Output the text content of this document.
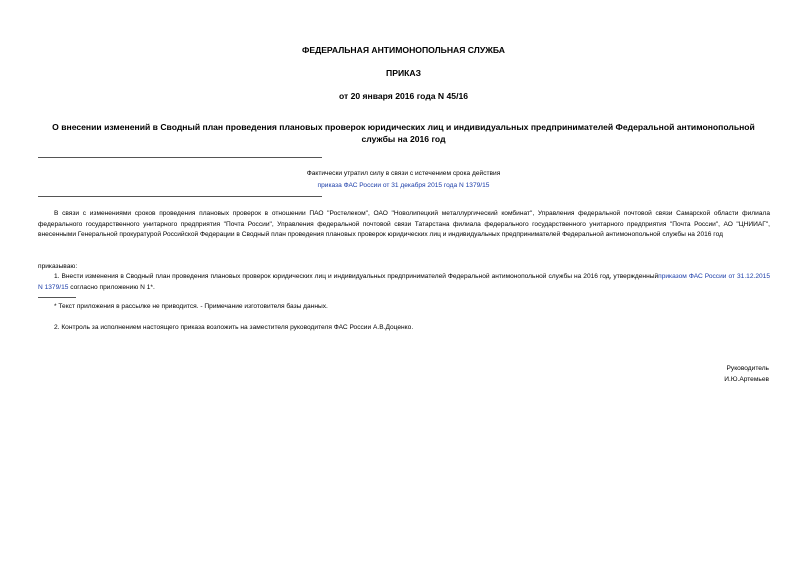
ФЕДЕРАЛЬНАЯ АНТИМОНОПОЛЬНАЯ СЛУЖБА
ПРИКАЗ
от 20 января 2016 года N 45/16
О внесении изменений в Сводный план проведения плановых проверок юридических лиц и индивидуальных предпринимателей Федеральной антимонопольной службы на 2016 год
Фактически утратил силу в связи с истечением срока действия
приказа ФАС России от 31 декабря 2015 года N 1379/15
В связи с изменениями сроков проведения плановых проверок в отношении ПАО "Ростелеком", ОАО "Новолипецкий металлургический комбинат", Управления федеральной почтовой связи Самарской области филиала федерального государственного унитарного предприятия "Почта России", Управления федеральной почтовой связи Татарстана филиала федерального государственного унитарного предприятия "Почта России", АО "ЦНИИАГ", внесенными Генеральной прокуратурой Российской Федерации в Сводный план проведения плановых проверок юридических лиц и индивидуальных предпринимателей Федеральной антимонопольной службы на 2016 год
приказываю:
1. Внести изменения в Сводный план проведения плановых проверок юридических лиц и индивидуальных предпринимателей Федеральной антимонопольной службы на 2016 год, утвержденныйприказом ФАС России от 31.12.2015 N 1379/15 согласно приложению N 1*.
* Текст приложения в рассылке не приводится. - Примечание изготовителя базы данных.
2. Контроль за исполнением настоящего приказа возложить на заместителя руководителя ФАС России А.В.Доценко.
Руководитель
И.Ю.Артемьев
